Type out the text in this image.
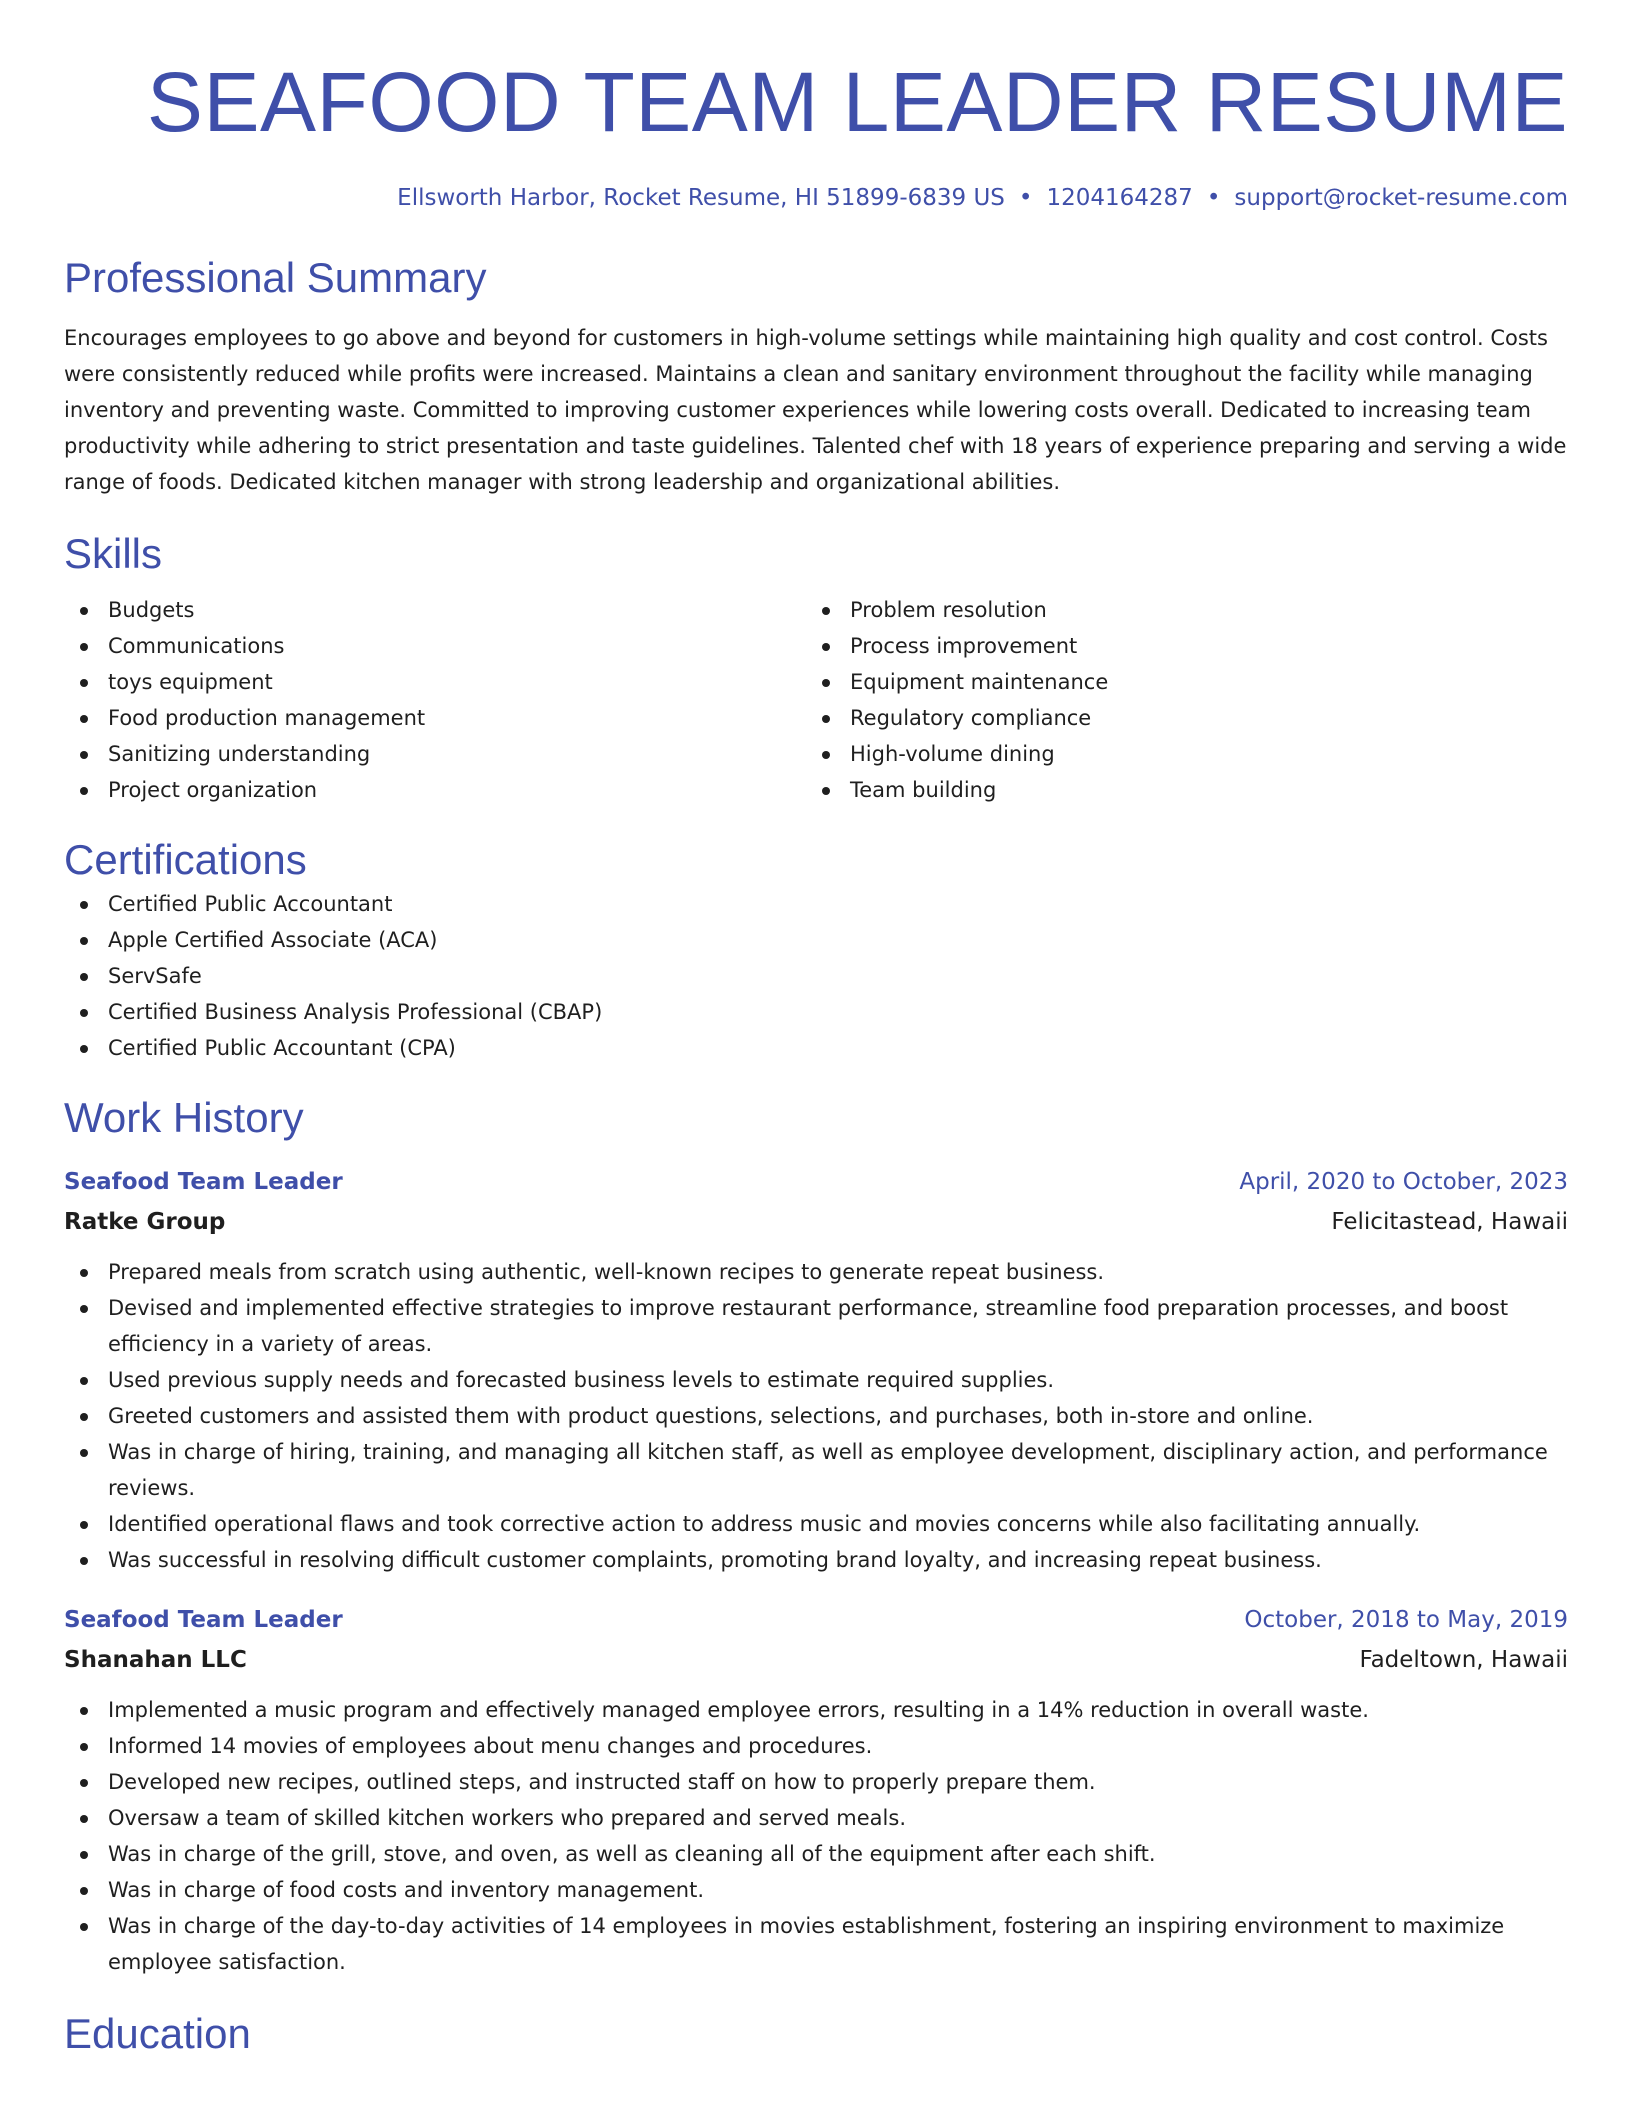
SEAFOOD TEAM LEADER RESUME
Ellsworth Harbor, Rocket Resume, HI 51899-6839 US • 1204164287 • support@rocket-resume.com
Professional Summary
Encourages employees to go above and beyond for customers in high-volume settings while maintaining high quality and cost control. Costs were consistently reduced while profits were increased. Maintains a clean and sanitary environment throughout the facility while managing inventory and preventing waste. Committed to improving customer experiences while lowering costs overall. Dedicated to increasing team productivity while adhering to strict presentation and taste guidelines. Talented chef with 18 years of experience preparing and serving a wide range of foods. Dedicated kitchen manager with strong leadership and organizational abilities.
Skills
Budgets
Communications
toys equipment
Food production management
Sanitizing understanding
Project organization
Problem resolution
Process improvement
Equipment maintenance
Regulatory compliance
High-volume dining
Team building
Certifications
Certified Public Accountant
Apple Certified Associate (ACA)
ServSafe
Certified Business Analysis Professional (CBAP)
Certified Public Accountant (CPA)
Work History
Seafood Team Leader	April, 2020 to October, 2023
Ratke Group	Felicitastead, Hawaii
Prepared meals from scratch using authentic, well-known recipes to generate repeat business.
Devised and implemented effective strategies to improve restaurant performance, streamline food preparation processes, and boost efficiency in a variety of areas.
Used previous supply needs and forecasted business levels to estimate required supplies.
Greeted customers and assisted them with product questions, selections, and purchases, both in-store and online.
Was in charge of hiring, training, and managing all kitchen staff, as well as employee development, disciplinary action, and performance reviews.
Identified operational flaws and took corrective action to address music and movies concerns while also facilitating annually.
Was successful in resolving difficult customer complaints, promoting brand loyalty, and increasing repeat business.
Seafood Team Leader	October, 2018 to May, 2019
Shanahan LLC	Fadeltown, Hawaii
Implemented a music program and effectively managed employee errors, resulting in a 14% reduction in overall waste.
Informed 14 movies of employees about menu changes and procedures.
Developed new recipes, outlined steps, and instructed staff on how to properly prepare them.
Oversaw a team of skilled kitchen workers who prepared and served meals.
Was in charge of the grill, stove, and oven, as well as cleaning all of the equipment after each shift.
Was in charge of food costs and inventory management.
Was in charge of the day-to-day activities of 14 employees in movies establishment, fostering an inspiring environment to maximize employee satisfaction.
Education
